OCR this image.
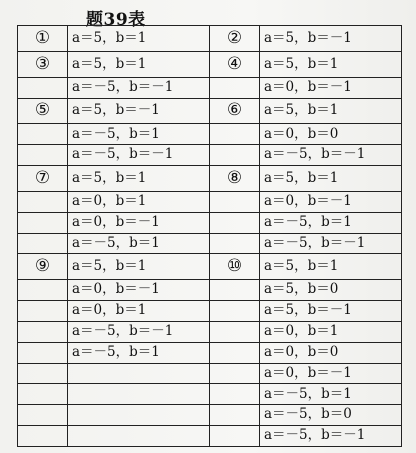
题39表
①	a＝5，b＝1	②	a＝5，b＝－1
③	a＝5，b＝1	④	a＝5，b＝1
	a＝－5，b＝－1		a＝0，b＝－1
⑤	a＝5，b＝－1	⑥	a＝5，b＝1
	a＝－5，b＝1		a＝0，b＝0
	a＝－5，b＝－1		a＝－5，b＝－1
⑦	a＝5，b＝1	⑧	a＝5，b＝1
	a＝0，b＝1		a＝0，b＝－1
	a＝0，b＝－1		a＝－5，b＝1
	a＝－5，b＝1		a＝－5，b＝－1
⑨	a＝5，b＝1	⑩	a＝5，b＝1
	a＝0，b＝－1		a＝5，b＝0
	a＝0，b＝1		a＝5，b＝－1
	a＝－5，b＝－1		a＝0，b＝1
	a＝－5，b＝1		a＝0，b＝0
			a＝0，b＝－1
			a＝－5，b＝1
			a＝－5，b＝0
			a＝－5，b＝－1
